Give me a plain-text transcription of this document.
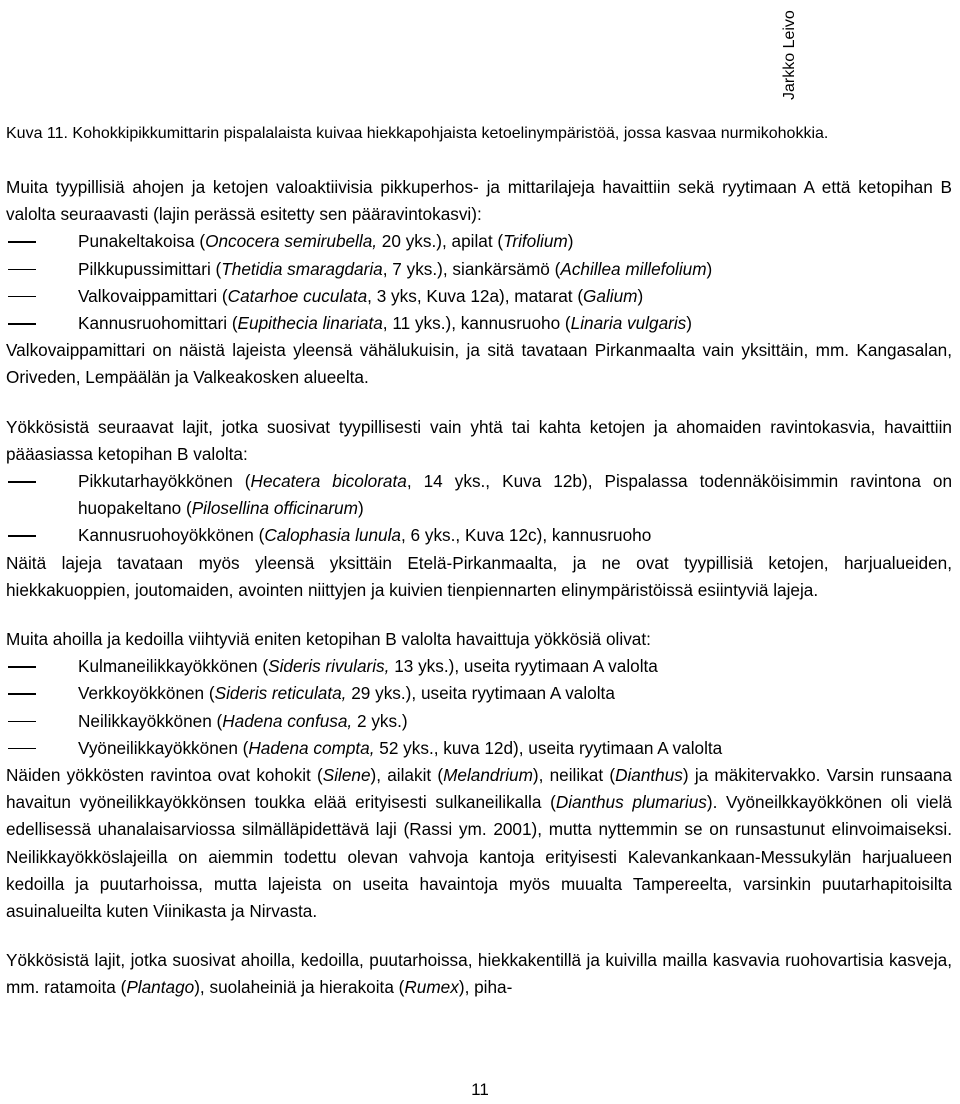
Jarkko Leivo
Kuva 11. Kohokkipikkumittarin pispalalaista kuivaa hiekkapohjaista ketoelinympäristöä, jossa kasvaa nurmikohokkia.

Muita tyypillisiä ahojen ja ketojen valoaktiivisia pikkuperhos- ja mittarilajeja havaittiin sekä ryytimaan A että ketopihan B valolta seuraavasti (lajin perässä esitetty sen pääravintokasvi):

Punakeltakoisa (Oncocera semirubella, 20 yks.), apilat (Trifolium)
Pilkkupussimittari (Thetidia smaragdaria, 7 yks.), siankärsämö (Achillea millefolium)
Valkovaippamittari (Catarhoe cuculata, 3 yks, Kuva 12a), matarat (Galium)
Kannusruohomittari (Eupithecia linariata, 11 yks.), kannusruoho (Linaria vulgaris)

Valkovaippamittari on näistä lajeista yleensä vähälukuisin, ja sitä tavataan Pirkanmaalta vain yksittäin, mm. Kangasalan, Oriveden, Lempäälän ja Valkeakosken alueelta.

Yökkösistä seuraavat lajit, jotka suosivat tyypillisesti vain yhtä tai kahta ketojen ja ahomaiden ravintokasvia, havaittiin pääasiassa ketopihan B valolta:

Pikkutarhayökkönen (Hecatera bicolorata, 14 yks., Kuva 12b), Pispalassa todennäköisimmin ravintona on huopakeltano (Pilosellina officinarum)
Kannusruohoyökkönen (Calophasia lunula, 6 yks., Kuva 12c), kannusruoho

Näitä lajeja tavataan myös yleensä yksittäin Etelä-Pirkanmaalta, ja ne ovat tyypillisiä ketojen, harjualueiden, hiekkakuoppien, joutomaiden, avointen niittyjen ja kuivien tienpiennarten elinympäristöissä esiintyviä lajeja.

Muita ahoilla ja kedoilla viihtyviä eniten ketopihan B valolta havaittuja yökkösiä olivat:

Kulmaneilikkayökkönen (Sideris rivularis, 13 yks.), useita ryytimaan A valolta
Verkkoyökkönen (Sideris reticulata, 29 yks.), useita ryytimaan A valolta
Neilikkayökkönen (Hadena confusa, 2 yks.)
Vyöneilikkayökkönen (Hadena compta, 52 yks., kuva 12d), useita ryytimaan A valolta

Näiden yökkösten ravintoa ovat kohokit (Silene), ailakit (Melandrium), neilikat (Dianthus) ja mäkitervakko. Varsin runsaana havaitun vyöneilikkayökkönsen toukka elää erityisesti sulkaneilikalla (Dianthus plumarius). Vyöneilkkayökkönen oli vielä edellisessä uhanalaisarviossa silmälläpidettävä laji (Rassi ym. 2001), mutta nyttemmin se on runsastunut elinvoimaiseksi. Neilikkayökköslajeilla on aiemmin todettu olevan vahvoja kantoja erityisesti Kalevankankaan-Messukylän harjualueen kedoilla ja puutarhoissa, mutta lajeista on useita havaintoja myös muualta Tampereelta, varsinkin puutarhapitoisilta asuinalueilta kuten Viinikasta ja Nirvasta.

Yökkösistä lajit, jotka suosivat ahoilla, kedoilla, puutarhoissa, hiekkakentillä ja kuivilla mailla kasvavia ruohovartisia kasveja, mm. ratamoita (Plantago), suolaheiniä ja hierakoita (Rumex), piha-

11
